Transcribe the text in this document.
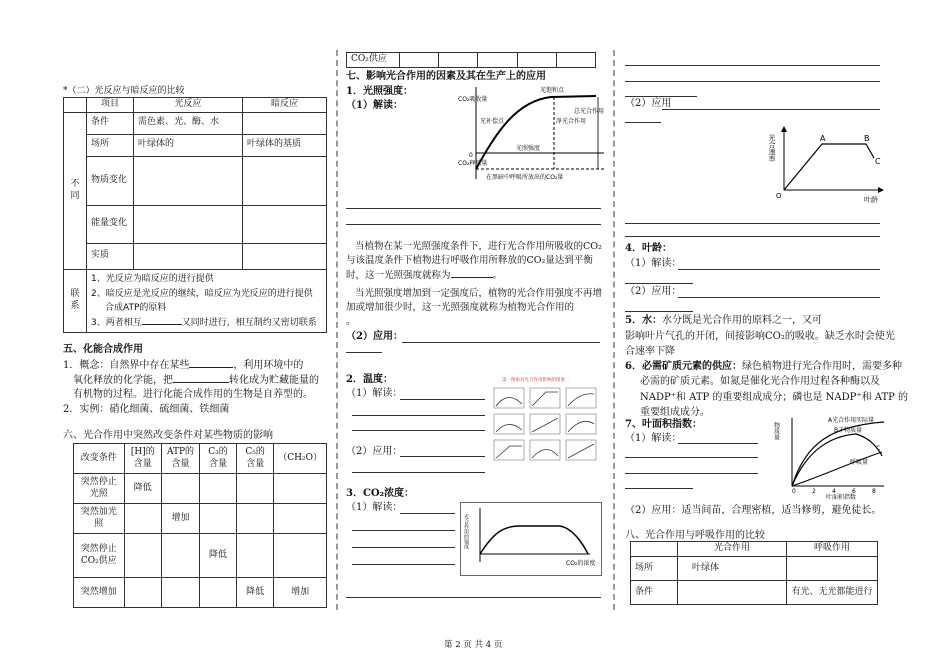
*（二）光反应与暗反应的比较
	项目	光反应	暗反应
不同	条件	需色素、光、酶、水	
	场所	叶绿体的	叶绿体的基质
	物质变化		
	能量变化		
	实质		
联系	1、光反应为暗反应的进行提供
2、暗反应是光反应的继续，暗反应为光反应的进行提供
合成ATP的原料
3、两者相互 又同时进行，相互制约又密切联系		
五、化能合成作用
1．概念：自然界中存在某些	，利用环境中的
氧化释放的化学能，把	转化成为贮藏能量的
有机物的过程。进行化能合成作用的生物是自养型的。
2．实例：硝化细菌、硫细菌、铁细菌
六、光合作用中突然改变条件对某些物质的影响
改变条件	[H]的含量	ATP的含量	C₃的含量	C₅的含量	（CH₂O）
突然停止光照	降低				
突然加光照		增加			
突然停止CO₂供应			降低		
突然增加				降低	增加
CO₂供应					
七、影响光合作用的因素及其在生产上的应用
1．光照强度：
（1）解读：
CO₂吸收量
CO₂释放量
光饱和点
光补偿点
光照强度
净光合作用
总光合作用
在黑暗中呼吸所放出的CO₂量
0
当植物在某一光照强度条件下，进行光合作用所吸收的CO₂
与该温度条件下植物进行呼吸作用所释放的CO₂量达到平衡
时，这一光照强度就称为	。
当光照强度增加到一定强度后，植物的光合作用强度不再增
加或增加很少时，这一光照强度就称为植物光合作用的
。
（2）应用：
2．温度：
（1）解读：
（2）应用：
第一图象对光合作用影响的图象
3．CO₂浓度：
（1）解读：
光合作用的强度
CO₂的浓度
第 2 页 共 4 页
（2）应用
光合速率
叶龄
A	B
C
O
4．叶龄：
（1）解读：
（2）应用：
5．水：水分既是光合作用的原料之一，又可
影响叶片气孔的开闭，间接影响CO₂的吸收。缺乏水时会使光
合速率下降
6．必需矿质元素的供应：绿色植物进行光合作用时，需要多种
必需的矿质元素。如氮是催化光合作用过程各种酶以及
NADP⁺和 ATP 的重要组成成分；磷也是 NADP⁺和 ATP 的
重要组成成分。
7、叶面积指数：
（1）解读：	物质量
A光合作用实际量
B干物质量
C
呼吸量
0	2	4	6	8
叶面积指数
（2）应用：适当间苗，合理密植，适当修剪，避免徒长。
八、光合作用与呼吸作用的比较
	光合作用	呼吸作用
场所	叶绿体	
条件		有光、无光都能进行
